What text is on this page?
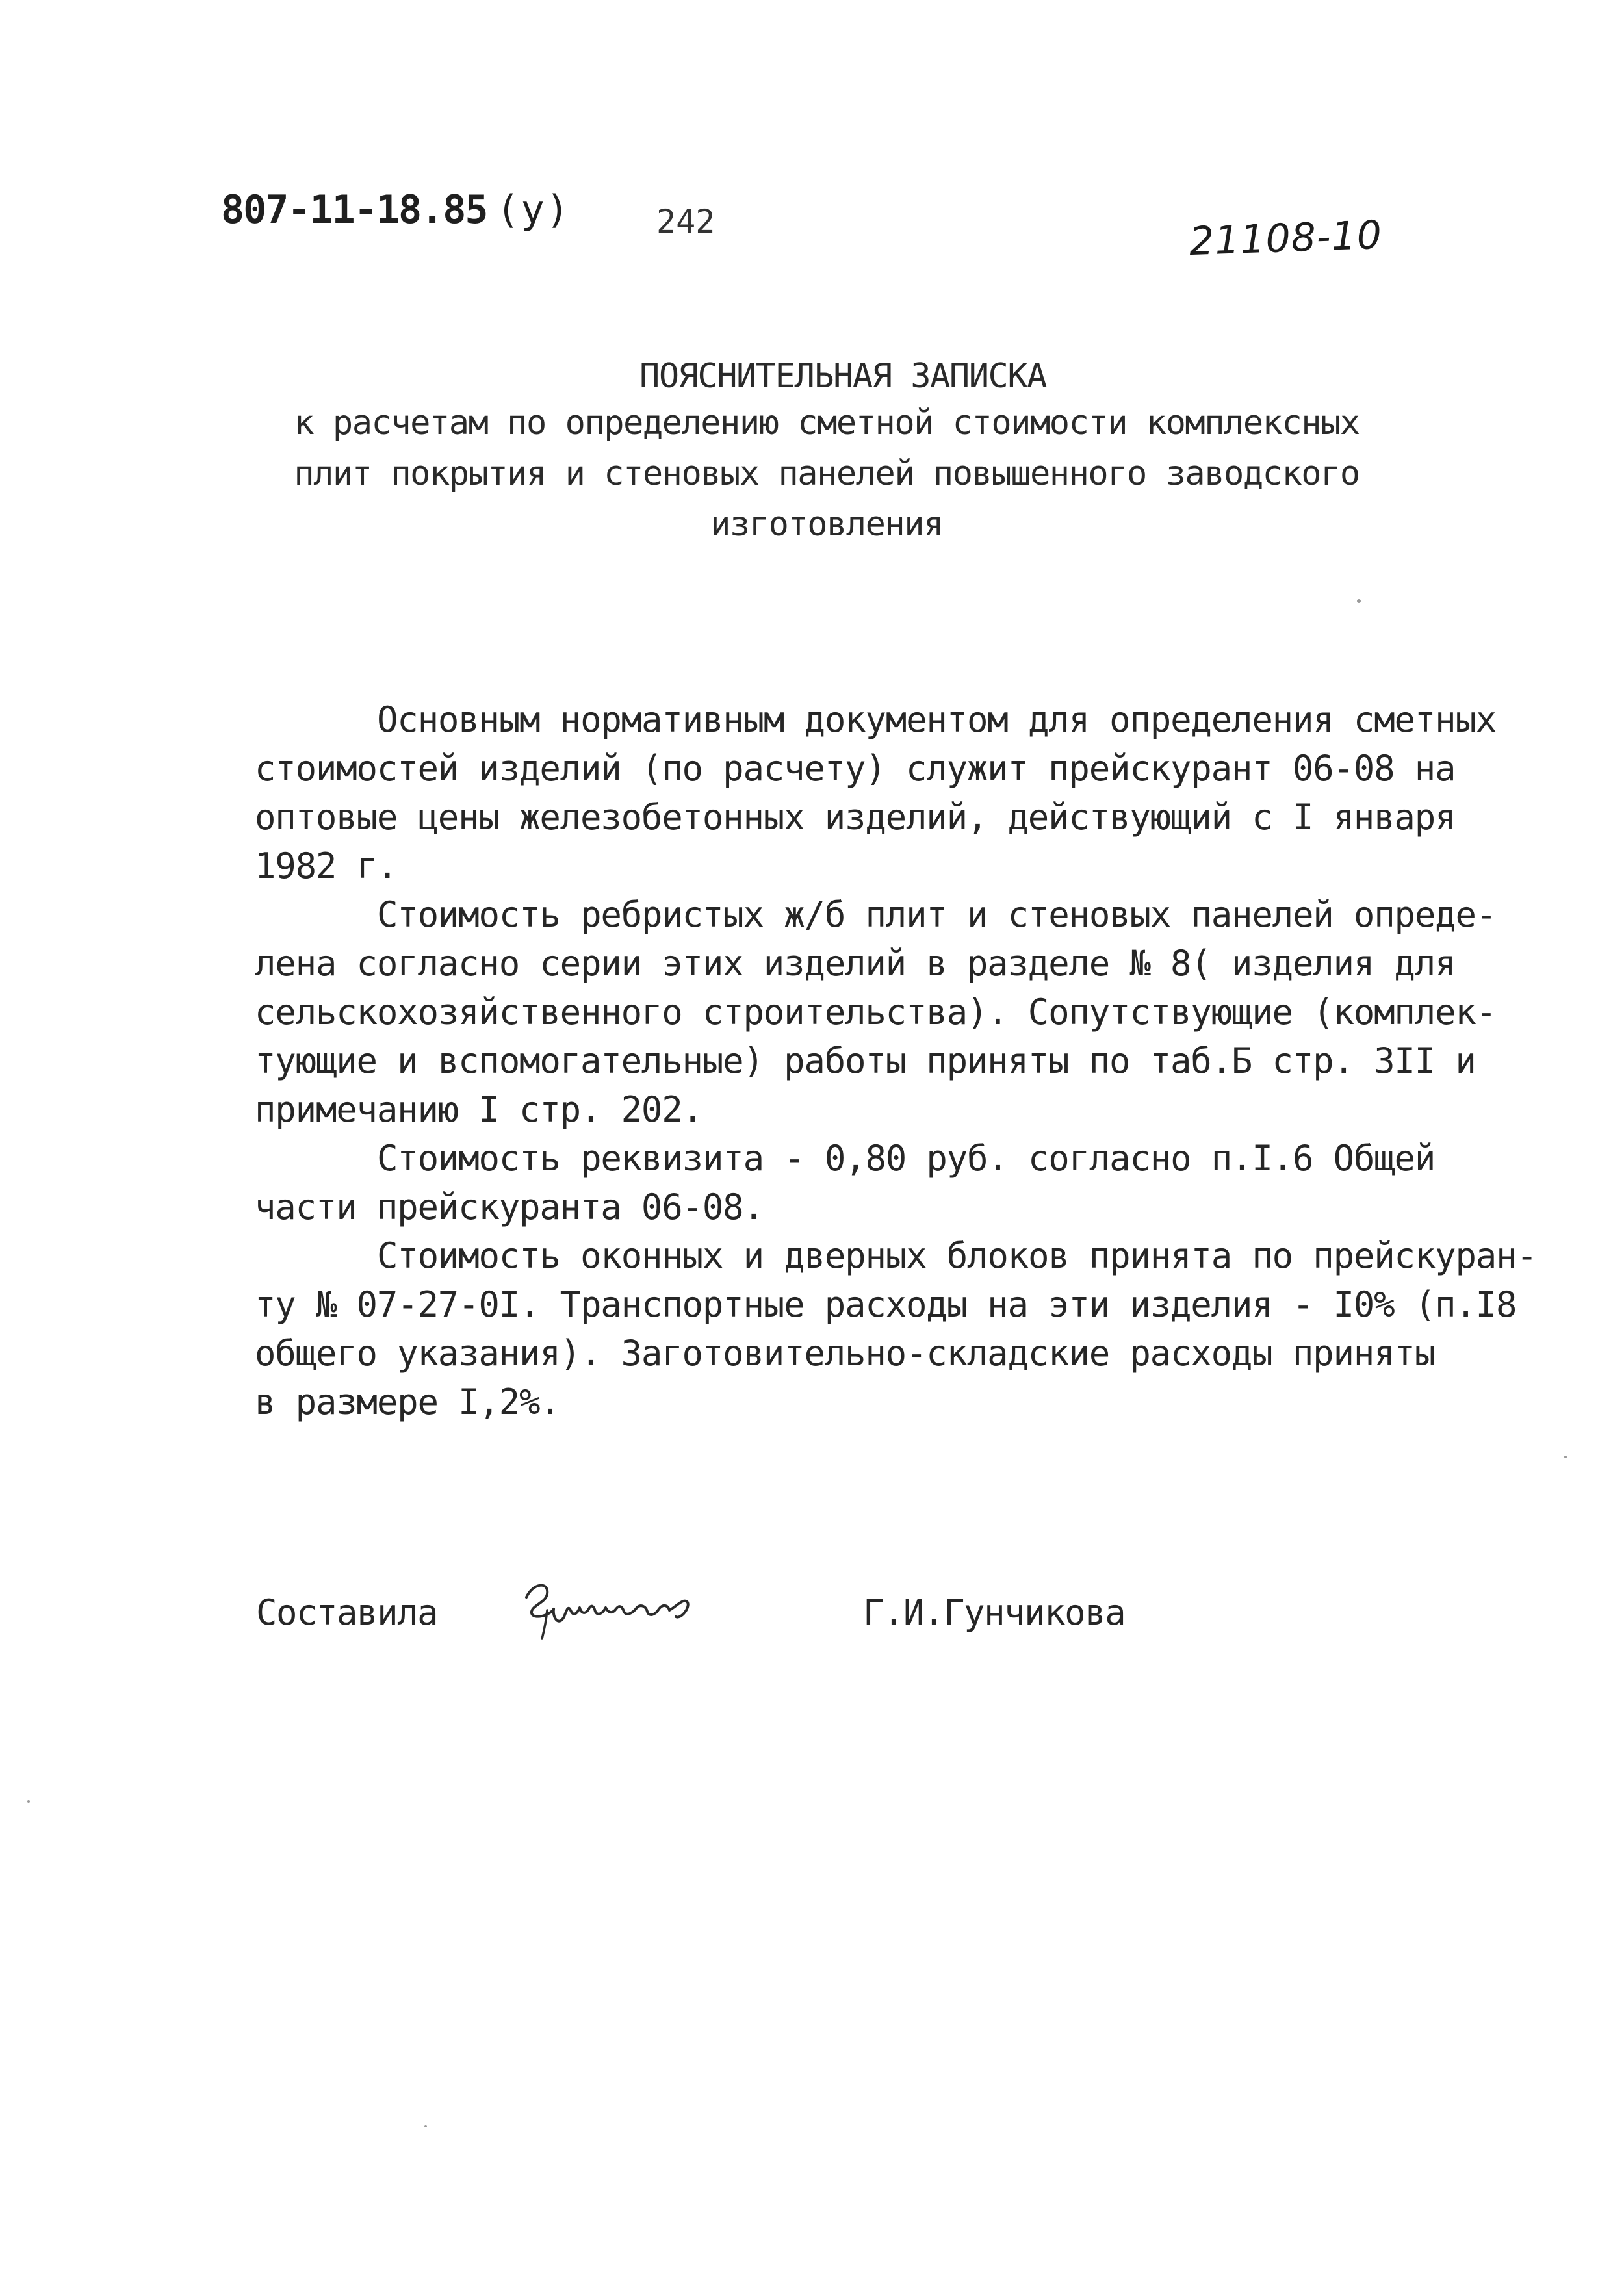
807-11-18.85 (у)	242	21108-10
ПОЯСНИТЕЛЬНАЯ ЗАПИСКА
к расчетам по определению сметной стоимости комплексных
плит покрытия и стеновых панелей повышенного заводского
изготовления
Основным нормативным документом для определения сметных
стоимостей изделий (по расчету) служит прейскурант 06-08 на
оптовые цены железобетонных изделий, действующий с I января
1982 г.
Стоимость ребристых ж/б плит и стеновых панелей опреде-
лена согласно серии этих изделий в разделе № 8( изделия для
сельскохозяйственного строительства). Сопутствующие (комплек-
тующие и вспомогательные) работы приняты по таб.Б стр. 3II и
примечанию I стр. 202.
Стоимость реквизита - 0,80 руб. согласно п.I.6 Общей
части прейскуранта 06-08.
Стоимость оконных и дверных блоков принята по прейскуран-
ту № 07-27-0I. Транспортные расходы на эти изделия - I0% (п.I8
общего указания). Заготовительно-складские расходы приняты
в размере I,2%.
Составила	Г.И.Гунчикова
